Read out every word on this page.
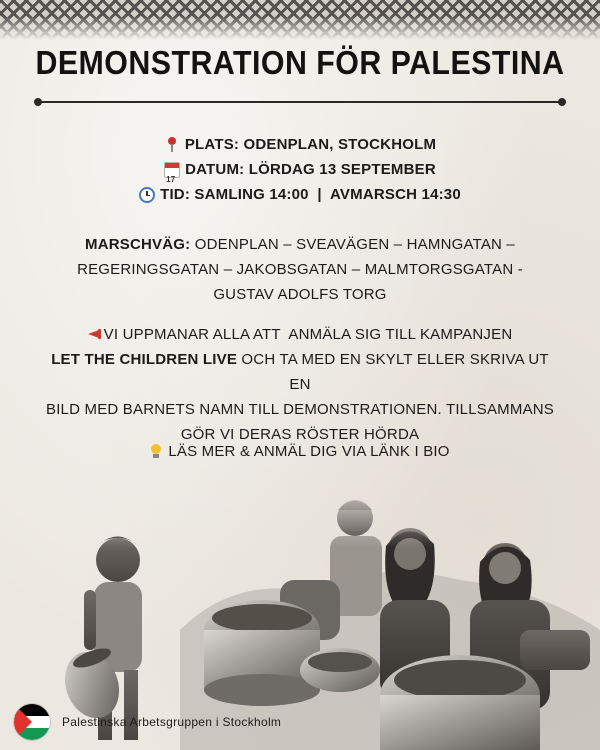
DEMONSTRATION FÖR PALESTINA
PLATS: ODENPLAN, STOCKHOLM
17
DATUM: LÖRDAG 13 SEPTEMBER
TID: SAMLING 14:00  |  AVMARSCH 14:30
MARSCHVÄG: ODENPLAN – SVEAVÄGEN – HAMNGATAN –
REGERINGSGATAN – JAKOBSGATAN – MALMTORGSGATAN -
GUSTAV ADOLFS TORG
VI UPPMANAR ALLA ATT  ANMÄLA SIG TILL KAMPANJEN
LET THE CHILDREN LIVE OCH TA MED EN SKYLT ELLER SKRIVA UT EN
BILD MED BARNETS NAMN TILL DEMONSTRATIONEN. TILLSAMMANS
GÖR VI DERAS RÖSTER HÖRDA
LÄS MER & ANMÄL DIG VIA LÄNK I BIO
Palestinska Arbetsgruppen i Stockholm
